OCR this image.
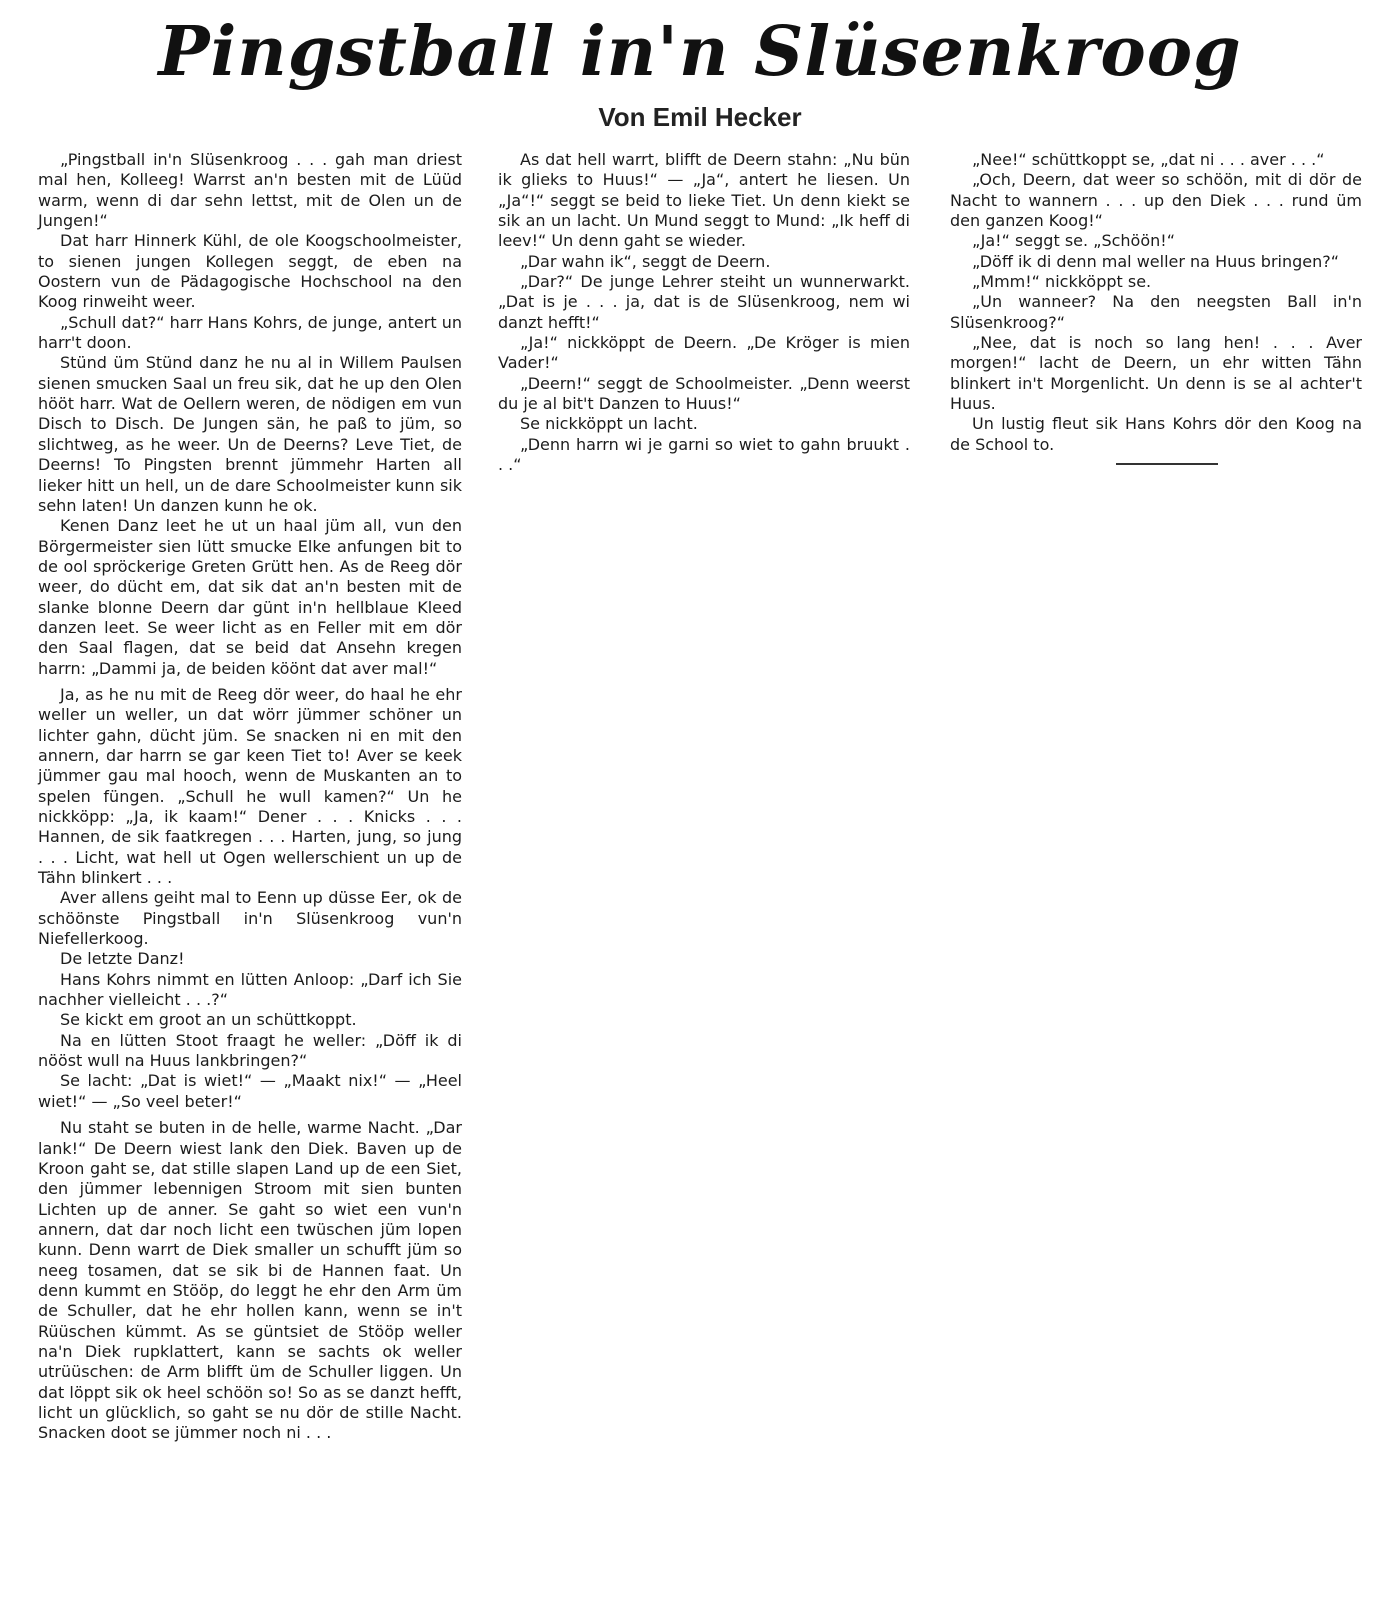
Pingstball in'n Slüsenkroog
Von Emil Hecker

„Pingstball in'n Slüsenkroog . . . gah man driest mal hen, Kolleeg! Warrst an'n besten mit de Lüüd warm, wenn di dar sehn lettst, mit de Olen un de Jungen!“

Dat harr Hinnerk Kühl, de ole Koogschoolmeister, to sienen jungen Kollegen seggt, de eben na Oostern vun de Pädagogische Hochschool na den Koog rinweiht weer.

„Schull dat?“ harr Hans Kohrs, de junge, antert un harr't doon.

Stünd üm Stünd danz he nu al in Willem Paulsen sienen smucken Saal un freu sik, dat he up den Olen hööt harr. Wat de Oellern weren, de nödigen em vun Disch to Disch. De Jungen sän, he paß to jüm, so slichtweg, as he weer. Un de Deerns? Leve Tiet, de Deerns! To Pingsten brennt jümmehr Harten all lieker hitt un hell, un de dare Schoolmeister kunn sik sehn laten! Un danzen kunn he ok.

Kenen Danz leet he ut un haal jüm all, vun den Börgermeister sien lütt smucke Elke anfungen bit to de ool spröckerige Greten Grütt hen. As de Reeg dör weer, do dücht em, dat sik dat an'n besten mit de slanke blonne Deern dar günt in'n hellblaue Kleed danzen leet. Se weer licht as en Feller mit em dör den Saal flagen, dat se beid dat Ansehn kregen harrn: „Dammi ja, de beiden köönt dat aver mal!“

Ja, as he nu mit de Reeg dör weer, do haal he ehr weller un weller, un dat wörr jümmer schöner un lichter gahn, dücht jüm. Se snacken ni en mit den annern, dar harrn se gar keen Tiet to! Aver se keek jümmer gau mal hooch, wenn de Muskanten an to spelen füngen. „Schull he wull kamen?“ Un he nickköpp: „Ja, ik kaam!“ Dener . . . Knicks . . . Hannen, de sik faatkregen . . . Harten, jung, so jung . . . Licht, wat hell ut Ogen wellerschient un up de Tähn blinkert . . .

Aver allens geiht mal to Eenn up düsse Eer, ok de schöönste Pingstball in'n Slüsenkroog vun'n Niefellerkoog.

De letzte Danz!

Hans Kohrs nimmt en lütten Anloop: „Darf ich Sie nachher vielleicht . . .?“

Se kickt em groot an un schüttkoppt.

Na en lütten Stoot fraagt he weller: „Döff ik di nööst wull na Huus lankbringen?“

Se lacht: „Dat is wiet!“ — „Maakt nix!“ — „Heel wiet!“ — „So veel beter!“

Nu staht se buten in de helle, warme Nacht. „Dar lank!“ De Deern wiest lank den Diek. Baven up de Kroon gaht se, dat stille slapen Land up de een Siet, den jümmer lebennigen Stroom mit sien bunten Lichten up de anner. Se gaht so wiet een vun'n annern, dat dar noch licht een twüschen jüm lopen kunn. Denn warrt de Diek smaller un schufft jüm so neeg tosamen, dat se sik bi de Hannen faat. Un denn kummt en Stööp, do leggt he ehr den Arm üm de Schuller, dat he ehr hollen kann, wenn se in't Rüüschen kümmt. As se güntsiet de Stööp weller na'n Diek rupklattert, kann se sachts ok weller utrüüschen: de Arm blifft üm de Schuller liggen. Un dat löppt sik ok heel schöön so! So as se danzt hefft, licht un glücklich, so gaht se nu dör de stille Nacht. Snacken doot se jümmer noch ni . . .

As dat hell warrt, blifft de Deern stahn: „Nu bün ik glieks to Huus!“ — „Ja“, antert he liesen. Un „Ja“!“ seggt se beid to lieke Tiet. Un denn kiekt se sik an un lacht. Un Mund seggt to Mund: „Ik heff di leev!“ Un denn gaht se wieder.

„Dar wahn ik“, seggt de Deern.

„Dar?“ De junge Lehrer steiht un wunnerwarkt. „Dat is je . . . ja, dat is de Slüsenkroog, nem wi danzt hefft!“

„Ja!“ nickköppt de Deern. „De Kröger is mien Vader!“

„Deern!“ seggt de Schoolmeister. „Denn weerst du je al bit't Danzen to Huus!“

Se nickköppt un lacht.

„Denn harrn wi je garni so wiet to gahn bruukt . . .“

„Nee!“ schüttkoppt se, „dat ni . . . aver . . .“

„Och, Deern, dat weer so schöön, mit di dör de Nacht to wannern . . . up den Diek . . . rund üm den ganzen Koog!“

„Ja!“ seggt se. „Schöön!“

„Döff ik di denn mal weller na Huus bringen?“

„Mmm!“ nickköppt se.

„Un wanneer? Na den neegsten Ball in'n Slüsenkroog?“

„Nee, dat is noch so lang hen! . . . Aver morgen!“ lacht de Deern, un ehr witten Tähn blinkert in't Morgenlicht. Un denn is se al achter't Huus.

Un lustig fleut sik Hans Kohrs dör den Koog na de School to.
